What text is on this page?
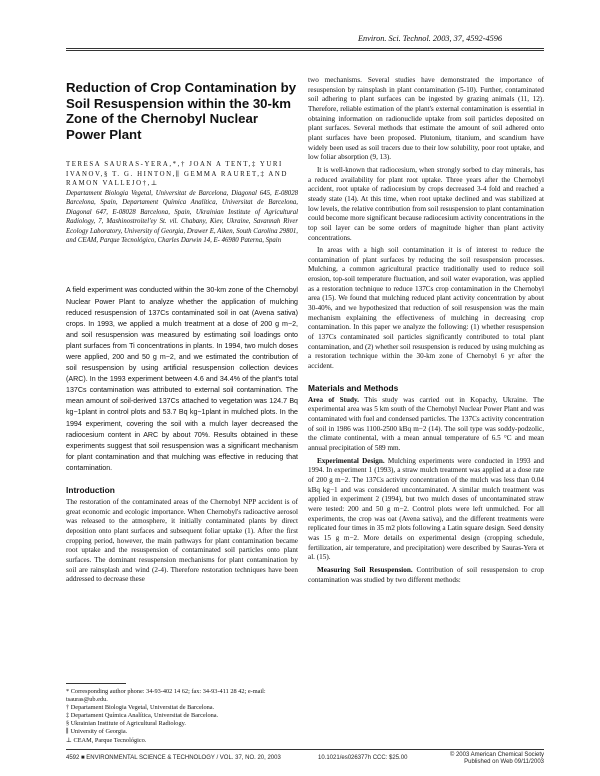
Environ. Sci. Technol. 2003, 37, 4592-4596
Reduction of Crop Contamination by Soil Resuspension within the 30-km Zone of the Chernobyl Nuclear Power Plant
TERESA SAURAS-YERA,*,† JOAN A TENT,‡ YURI IVANOV,§ T. G. HINTON,∥ GEMMA RAURET,‡ AND RAMON VALLEJO†,⊥
Departament Biologia Vegetal, Universitat de Barcelona, Diagonal 645, E-08028 Barcelona, Spain, Departament Química Analítica, Universitat de Barcelona, Diagonal 647, E-08028 Barcelona, Spain, Ukrainian Institute of Agricultural Radiology, 7, Mashinostroitel'ey St. vil. Chabany, Kiev, Ukraine, Savannah River Ecology Laboratory, University of Georgia, Drawer E, Aiken, South Carolina 29801, and CEAM, Parque Tecnológico, Charles Darwin 14, E- 46980 Paterna, Spain
A field experiment was conducted within the 30-km zone of the Chernobyl Nuclear Power Plant to analyze whether the application of mulching reduced resuspension of 137Cs contaminated soil in oat (Avena sativa) crops. In 1993, we applied a mulch treatment at a dose of 200 g m−2, and soil resuspension was measured by estimating soil loadings onto plant surfaces from Ti concentrations in plants. In 1994, two mulch doses were applied, 200 and 50 g m−2, and we estimated the contribution of soil resuspension by using artificial resuspension collection devices (ARC). In the 1993 experiment between 4.6 and 34.4% of the plant's total 137Cs contamination was attributed to external soil contamination. The mean amount of soil-derived 137Cs attached to vegetation was 124.7 Bq kg−1plant in control plots and 53.7 Bq kg−1plant in mulched plots. In the 1994 experiment, covering the soil with a mulch layer decreased the radiocesium content in ARC by about 70%. Results obtained in these experiments suggest that soil resuspension was a significant mechanism for plant contamination and that mulching was effective in reducing that contamination.
Introduction

The restoration of the contaminated areas of the Chernobyl NPP accident is of great economic and ecologic importance. When Chernobyl's radioactive aerosol was released to the atmosphere, it initially contaminated plants by direct deposition onto plant surfaces and subsequent foliar uptake (1). After the first cropping period, however, the main pathways for plant contamination became root uptake and the resuspension of contaminated soil particles onto plant surfaces. The dominant resuspension mechanisms for plant contamination by soil are rainsplash and wind (2-4). Therefore restoration techniques have been addressed to decrease these

two mechanisms. Several studies have demonstrated the importance of resuspension by rainsplash in plant contamination (5-10). Further, contaminated soil adhering to plant surfaces can be ingested by grazing animals (11, 12). Therefore, reliable estimation of the plant's external contamination is essential in obtaining information on radionuclide uptake from soil particles deposited on plant surfaces. Several methods that estimate the amount of soil adhered onto plant surfaces have been proposed. Plutonium, titanium, and scandium have widely been used as soil tracers due to their low solubility, poor root uptake, and low foliar absorption (9, 13).

It is well-known that radiocesium, when strongly sorbed to clay minerals, has a reduced availability for plant root uptake. Three years after the Chernobyl accident, root uptake of radiocesium by crops decreased 3-4 fold and reached a steady state (14). At this time, when root uptake declined and was stabilized at low levels, the relative contribution from soil resuspension to plant contamination could become more significant because radiocesium activity concentrations in the top soil layer can be some orders of magnitude higher than plant activity concentrations.

In areas with a high soil contamination it is of interest to reduce the contamination of plant surfaces by reducing the soil resuspension processes. Mulching, a common agricultural practice traditionally used to reduce soil erosion, top-soil temperature fluctuation, and soil water evaporation, was applied as a restoration technique to reduce 137Cs crop contamination in the Chernobyl area (15). We found that mulching reduced plant activity concentration by about 30-40%, and we hypothesized that reduction of soil resuspension was the main mechanism explaining the effectiveness of mulching in decreasing crop contamination. In this paper we analyze the following: (1) whether resuspension of 137Cs contaminated soil particles significantly contributed to total plant contamination, and (2) whether soil resuspension is reduced by using mulching as a restoration technique within the 30-km zone of Chernobyl 6 yr after the accident.

Materials and Methods

Area of Study. This study was carried out in Kopachy, Ukraine. The experimental area was 5 km south of the Chernobyl Nuclear Power Plant and was contaminated with fuel and condensed particles. The 137Cs activity concentration of soil in 1986 was 1100-2500 kBq m−2 (14). The soil type was soddy-podzolic, the climate continental, with a mean annual temperature of 6.5 °C and mean annual precipitation of 589 mm.

Experimental Design. Mulching experiments were conducted in 1993 and 1994. In experiment 1 (1993), a straw mulch treatment was applied at a dose rate of 200 g m−2. The 137Cs activity concentration of the mulch was less than 0.04 kBq kg−1 and was considered uncontaminated. A similar mulch treatment was applied in experiment 2 (1994), but two mulch doses of uncontaminated straw were tested: 200 and 50 g m−2. Control plots were left unmulched. For all experiments, the crop was oat (Avena sativa), and the different treatments were replicated four times in 35 m2 plots following a Latin square design. Seed density was 15 g m−2. More details on experimental design (cropping schedule, fertilization, air temperature, and precipitation) were described by Sauras-Yera et al. (15).

Measuring Soil Resuspension. Contribution of soil resuspension to crop contamination was studied by two different methods:

* Corresponding author phone: 34-93-402 14 62; fax: 34-93-411 28 42; e-mail: tsauras@ub.edu.

† Departament Biologia Vegetal, Universitat de Barcelona.

‡ Departament Química Analítica, Universitat de Barcelona.

§ Ukrainian Institute of Agricultural Radiology.

∥ University of Georgia.

⊥ CEAM, Parque Tecnológico.

4592 ■ ENVIRONMENTAL SCIENCE & TECHNOLOGY / VOL. 37, NO. 20, 2003	10.1021/es026377h CCC: $25.00	© 2003 American Chemical Society
Published on Web 09/11/2003
